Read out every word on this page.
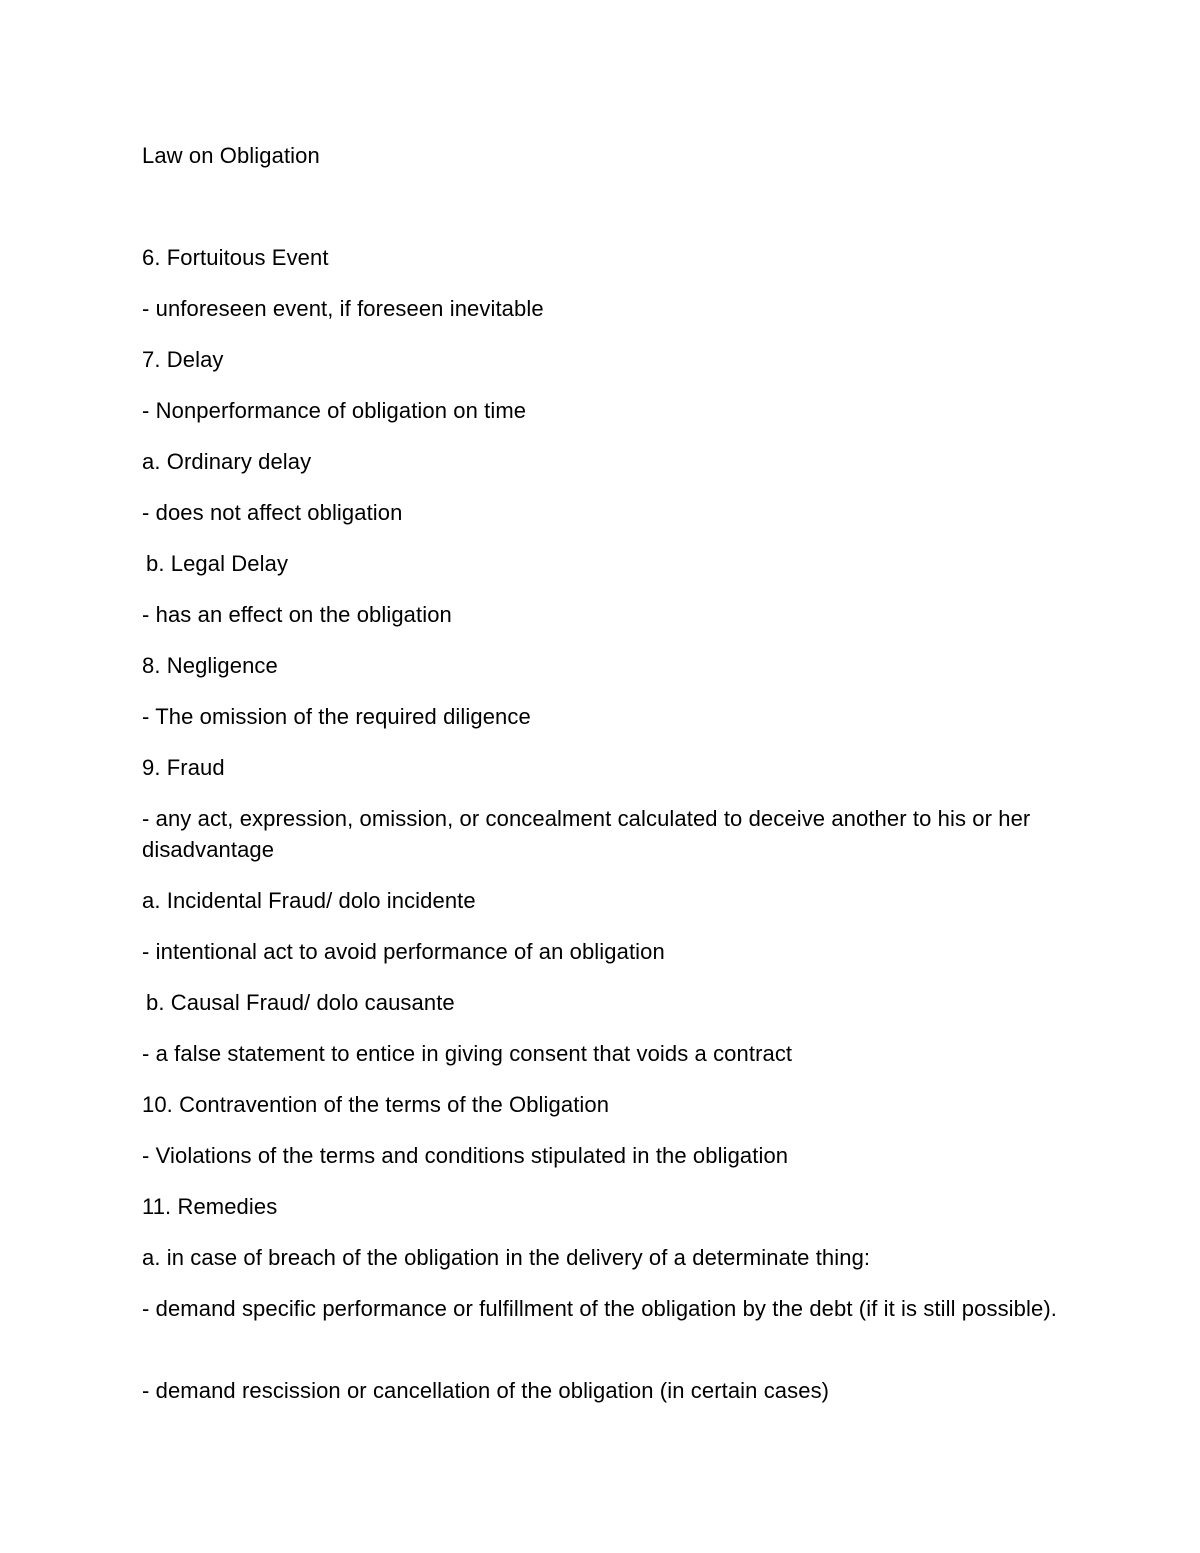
Law on Obligation
6. Fortuitous Event
- unforeseen event, if foreseen inevitable
7. Delay
- Nonperformance of obligation on time
a. Ordinary delay
- does not affect obligation
b. Legal Delay
- has an effect on the obligation
8. Negligence
- The omission of the required diligence
9. Fraud
- any act, expression, omission, or concealment calculated to deceive another to his or her disadvantage
a. Incidental Fraud/ dolo incidente
- intentional act to avoid performance of an obligation
b. Causal Fraud/ dolo causante
- a false statement to entice in giving consent that voids a contract
10. Contravention of the terms of the Obligation
- Violations of the terms and conditions stipulated in the obligation
11. Remedies
a. in case of breach of the obligation in the delivery of a determinate thing:
- demand specific performance or fulfillment of the obligation by the debt (if it is still possible).
- demand rescission or cancellation of the obligation (in certain cases)
